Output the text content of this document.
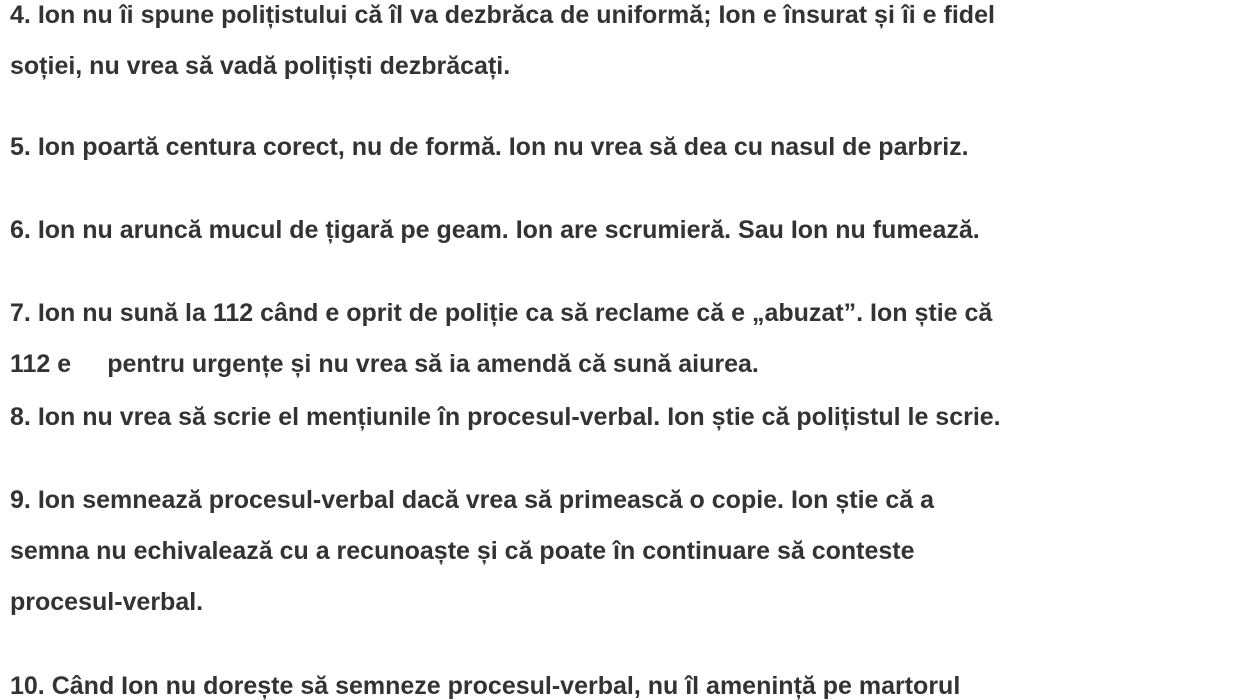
4. Ion nu îi spune polițistului că îl va dezbrăca de uniformă; Ion e însurat și îi e fidel
soției, nu vrea să vadă polițiști dezbrăcați.

5. Ion poartă centura corect, nu de formă. Ion nu vrea să dea cu nasul de parbriz.

6. Ion nu aruncă mucul de țigară pe geam. Ion are scrumieră. Sau Ion nu fumează.

7. Ion nu sună la 112 când e oprit de poliție ca să reclame că e „abuzat”. Ion știe că
112 e pentru urgențe și nu vrea să ia amendă că sună aiurea.

8. Ion nu vrea să scrie el mențiunile în procesul-verbal. Ion știe că polițistul le scrie.

9. Ion semnează procesul-verbal dacă vrea să primească o copie. Ion știe că a
semna nu echivalează cu a recunoaște și că poate în continuare să conteste
procesul-verbal.

10. Când Ion nu dorește să semneze procesul-verbal, nu îl amenință pe martorul
